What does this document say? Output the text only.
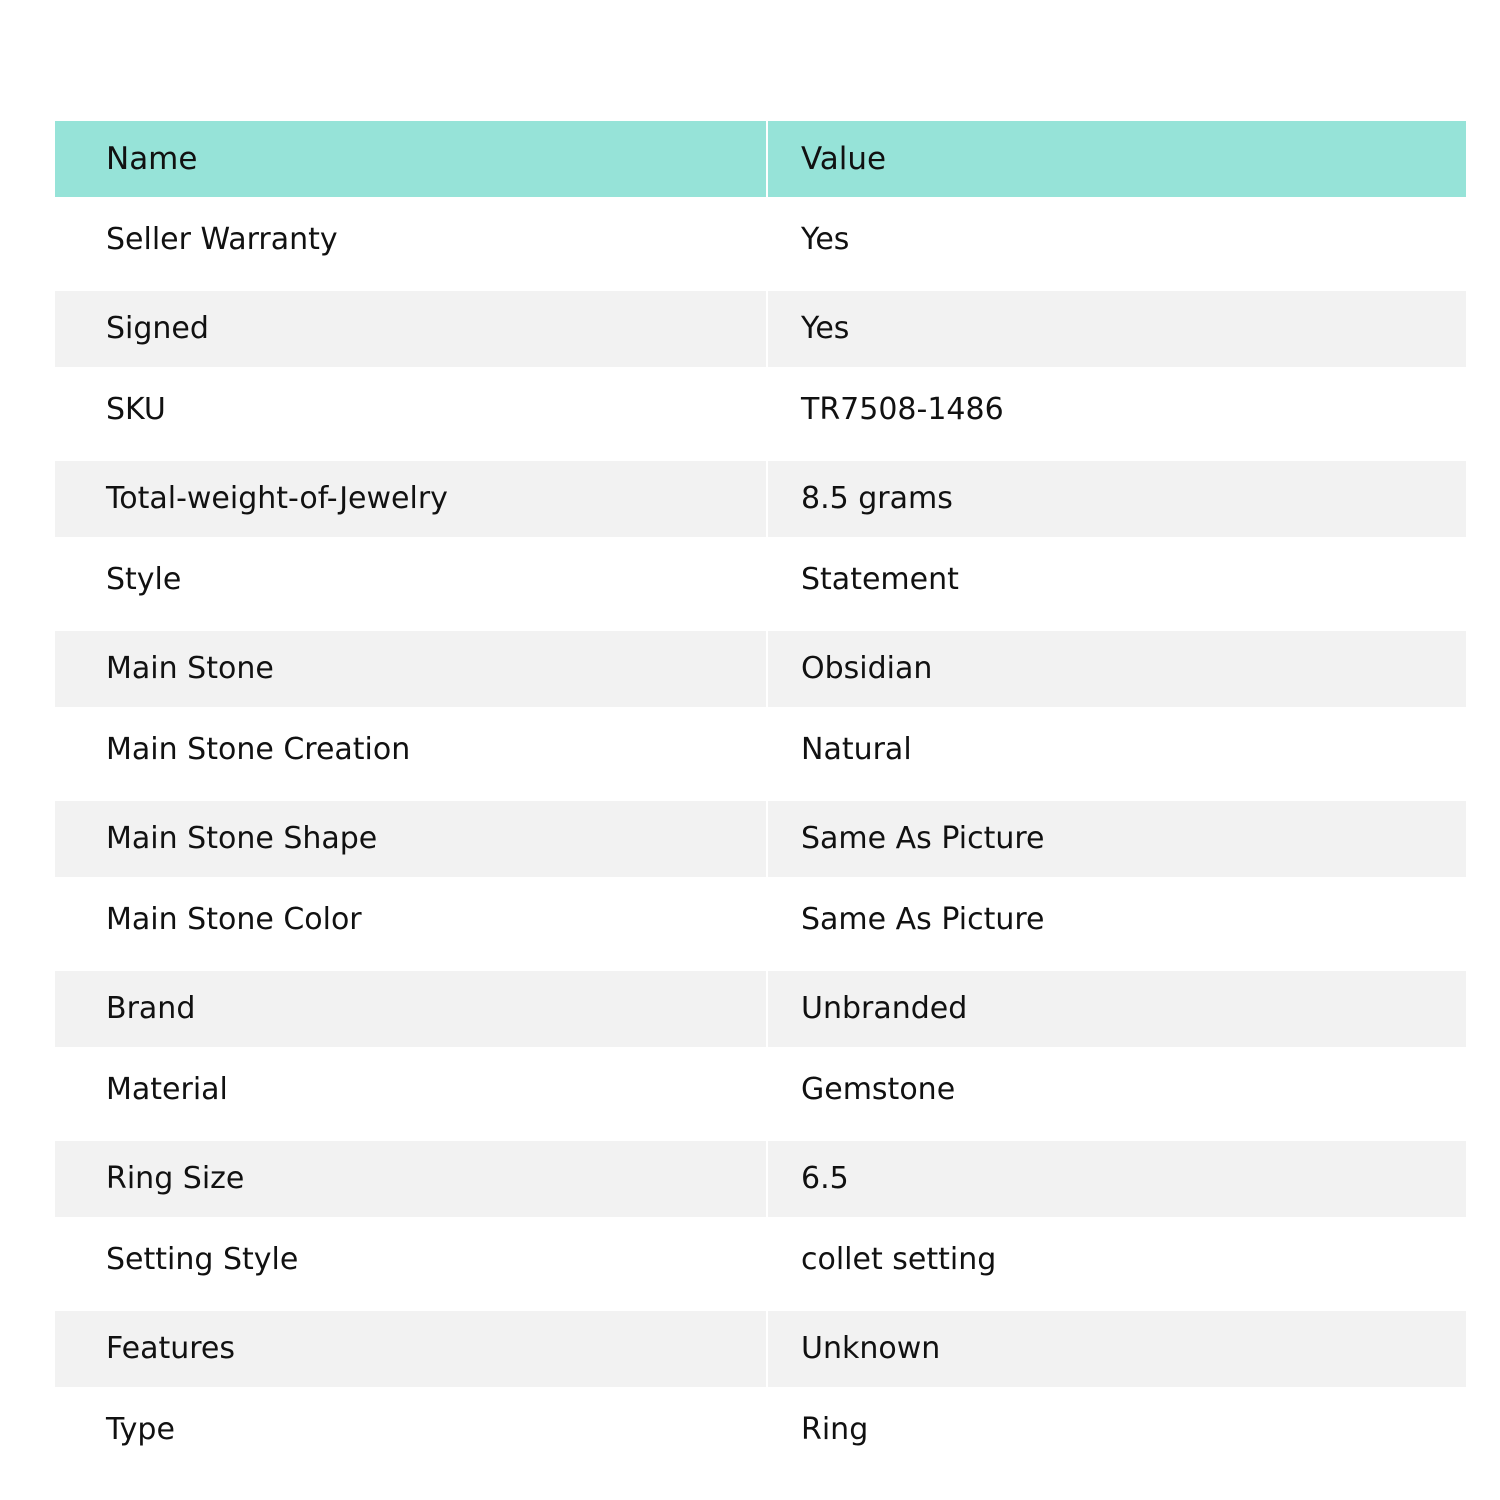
Name	Value
Seller Warranty	Yes
Signed	Yes
SKU	TR7508-1486
Total-weight-of-Jewelry	8.5 grams
Style	Statement
Main Stone	Obsidian
Main Stone Creation	Natural
Main Stone Shape	Same As Picture
Main Stone Color	Same As Picture
Brand	Unbranded
Material	Gemstone
Ring Size	6.5
Setting Style	collet setting
Features	Unknown
Type	Ring
